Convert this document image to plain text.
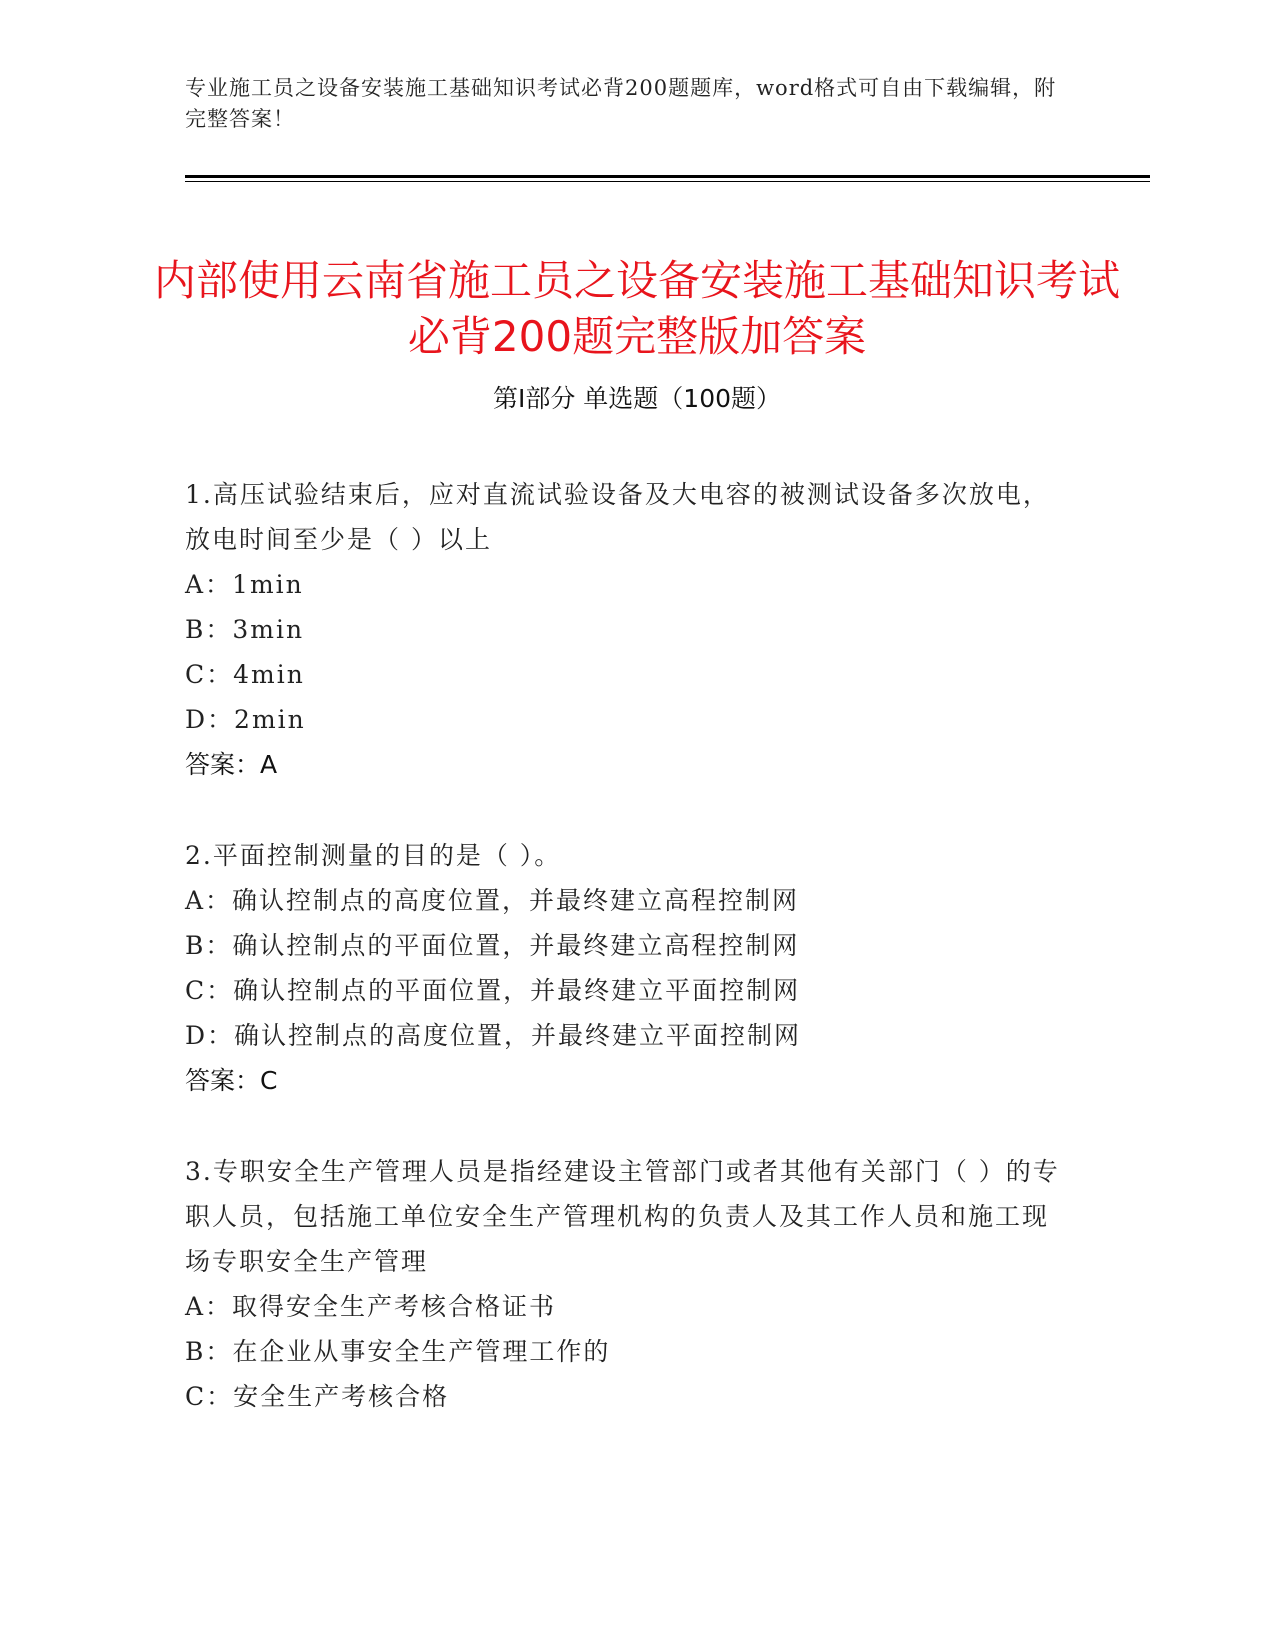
专业施工员之设备安装施工基础知识考试必背200题题库，word格式可自由下载编辑，附完整答案！
内部使用云南省施工员之设备安装施工基础知识考试必背200题完整版加答案
第Ⅰ部分 单选题（100题）

1.高压试验结束后，应对直流试验设备及大电容的被测试设备多次放电，放电时间至少是（ ）以上

A：1min

B：3min

C：4min

D：2min

答案：A

2.平面控制测量的目的是（ ）。

A：确认控制点的高度位置，并最终建立高程控制网

B：确认控制点的平面位置，并最终建立高程控制网

C：确认控制点的平面位置，并最终建立平面控制网

D：确认控制点的高度位置，并最终建立平面控制网

答案：C

3.专职安全生产管理人员是指经建设主管部门或者其他有关部门（ ）的专职人员，包括施工单位安全生产管理机构的负责人及其工作人员和施工现场专职安全生产管理

A：取得安全生产考核合格证书

B：在企业从事安全生产管理工作的

C：安全生产考核合格
